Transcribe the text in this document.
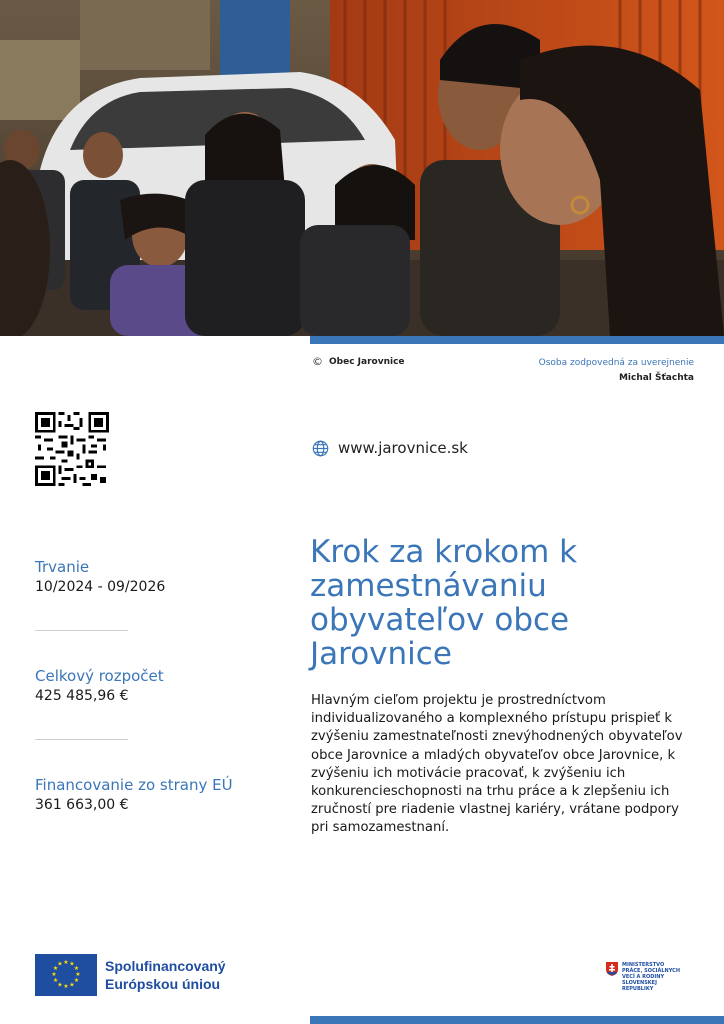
© Obec Jarovnice	Osoba zodpovedná za uverejnenie
Michal Šťachta
www.jarovnice.sk
Trvanie
10/2024 - 09/2026
Celkový rozpočet
425 485,96 €
Financovanie zo strany EÚ
361 663,00 €
Krok za krokom k zamestnávaniu obyvateľov obce Jarovnice

Hlavným cieľom projektu je prostredníctvom individualizovaného a komplexného prístupu prispieť k zvýšeniu zamestnateľnosti znevýhodnených obyvateľov obce Jarovnice a mladých obyvateľov obce Jarovnice, k zvýšeniu ich motivácie pracovať, k zvýšeniu ich konkurencieschopnosti na trhu práce a k zlepšeniu ich zručností pre riadenie vlastnej kariéry, vrátane podpory pri samozamestnaní.

★ ★
★
★
★
★
★
★
★
★
★
★	Spolufinancovaný
Európskou úniou
MINISTERSTVO
PRÁCE, SOCIÁLNYCH
VECÍ A RODINY
SLOVENSKEJ REPUBLIKY
